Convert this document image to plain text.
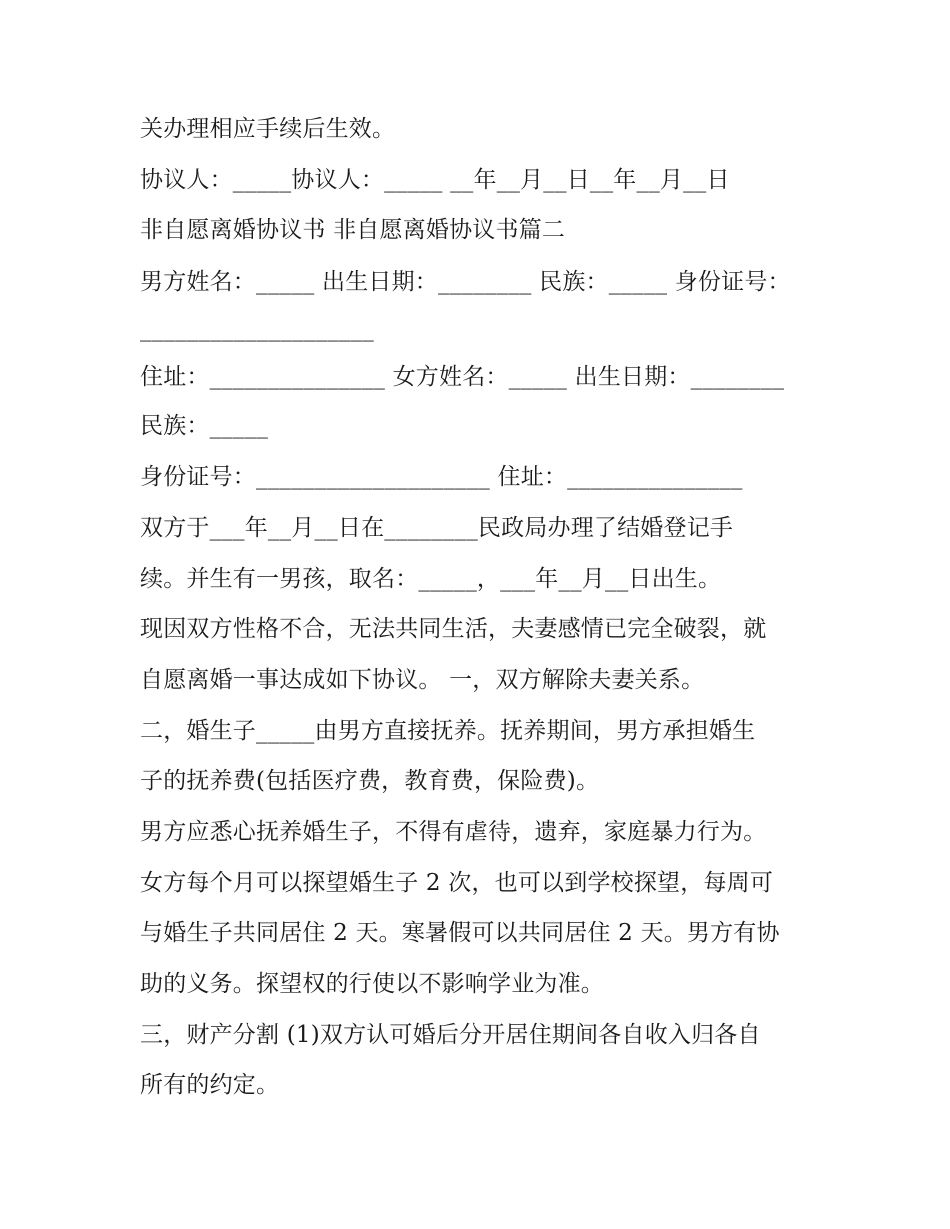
关办理相应手续后生效。
协议人：_____协议人：_____ __年__月__日__年__月__日
非自愿离婚协议书 非自愿离婚协议书篇二
男方姓名：_____ 出生日期：________ 民族：_____ 身份证号：
____________________
住址：_______________ 女方姓名：_____ 出生日期：________
民族：_____
身份证号：____________________ 住址：_______________
双方于___年__月__日在________民政局办理了结婚登记手
续。并生有一男孩，取名：_____，___年__月__日出生。
现因双方性格不合，无法共同生活，夫妻感情已完全破裂，就
自愿离婚一事达成如下协议。 一，双方解除夫妻关系。
二，婚生子_____由男方直接抚养。抚养期间，男方承担婚生
子的抚养费(包括医疗费，教育费，保险费)。
男方应悉心抚养婚生子，不得有虐待，遗弃，家庭暴力行为。
女方每个月可以探望婚生子 2 次，也可以到学校探望，每周可
与婚生子共同居住 2 天。寒暑假可以共同居住 2 天。男方有协
助的义务。探望权的行使以不影响学业为准。
三，财产分割 (1)双方认可婚后分开居住期间各自收入归各自
所有的约定。
